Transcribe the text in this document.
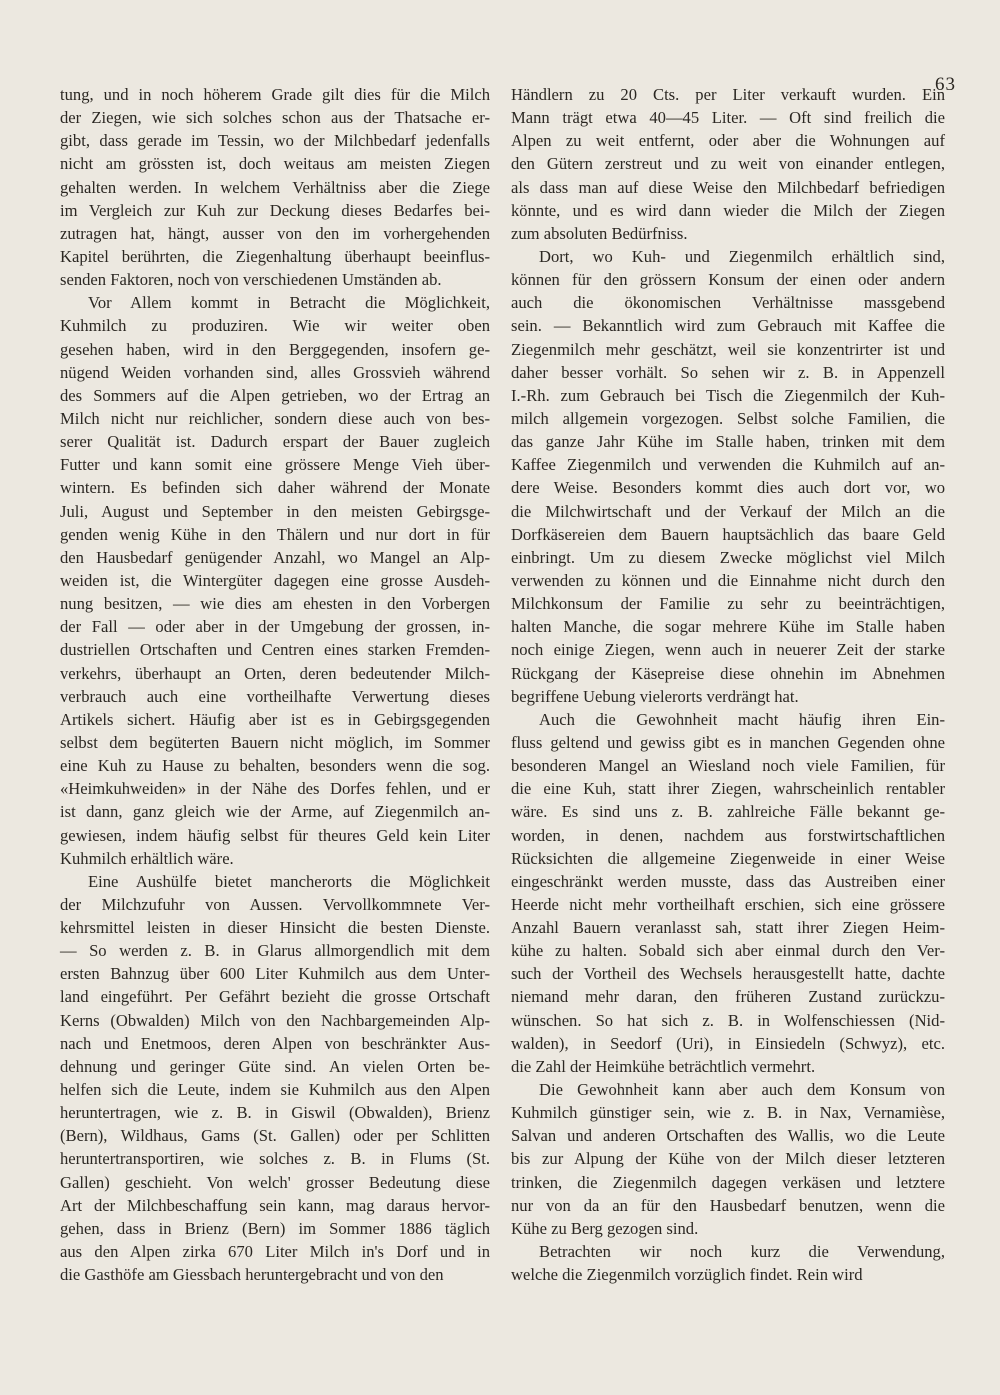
63
tung, und in noch höherem Grade gilt dies für die Milch
der Ziegen, wie sich solches schon aus der Thatsache er-
gibt, dass gerade im Tessin, wo der Milchbedarf jedenfalls
nicht am grössten ist, doch weitaus am meisten Ziegen
gehalten werden. In welchem Verhältniss aber die Ziege
im Vergleich zur Kuh zur Deckung dieses Bedarfes bei-
zutragen hat, hängt, ausser von den im vorhergehenden
Kapitel berührten, die Ziegenhaltung überhaupt beeinflus-
senden Faktoren, noch von verschiedenen Umständen ab.
Vor Allem kommt in Betracht die Möglichkeit,
Kuhmilch zu produziren. Wie wir weiter oben
gesehen haben, wird in den Berggegenden, insofern ge-
nügend Weiden vorhanden sind, alles Grossvieh während
des Sommers auf die Alpen getrieben, wo der Ertrag an
Milch nicht nur reichlicher, sondern diese auch von bes-
serer Qualität ist. Dadurch erspart der Bauer zugleich
Futter und kann somit eine grössere Menge Vieh über-
wintern. Es befinden sich daher während der Monate
Juli, August und September in den meisten Gebirgsge-
genden wenig Kühe in den Thälern und nur dort in für
den Hausbedarf genügender Anzahl, wo Mangel an Alp-
weiden ist, die Wintergüter dagegen eine grosse Ausdeh-
nung besitzen, — wie dies am ehesten in den Vorbergen
der Fall — oder aber in der Umgebung der grossen, in-
dustriellen Ortschaften und Centren eines starken Fremden-
verkehrs, überhaupt an Orten, deren bedeutender Milch-
verbrauch auch eine vortheilhafte Verwertung dieses
Artikels sichert. Häufig aber ist es in Gebirgsgegenden
selbst dem begüterten Bauern nicht möglich, im Sommer
eine Kuh zu Hause zu behalten, besonders wenn die sog.
«Heimkuhweiden» in der Nähe des Dorfes fehlen, und er
ist dann, ganz gleich wie der Arme, auf Ziegenmilch an-
gewiesen, indem häufig selbst für theures Geld kein Liter
Kuhmilch erhältlich wäre.
Eine Aushülfe bietet mancherorts die Möglichkeit
der Milchzufuhr von Aussen. Vervollkommnete Ver-
kehrsmittel leisten in dieser Hinsicht die besten Dienste.
— So werden z. B. in Glarus allmorgendlich mit dem
ersten Bahnzug über 600 Liter Kuhmilch aus dem Unter-
land eingeführt. Per Gefährt bezieht die grosse Ortschaft
Kerns (Obwalden) Milch von den Nachbargemeinden Alp-
nach und Enetmoos, deren Alpen von beschränkter Aus-
dehnung und geringer Güte sind. An vielen Orten be-
helfen sich die Leute, indem sie Kuhmilch aus den Alpen
heruntertragen, wie z. B. in Giswil (Obwalden), Brienz
(Bern), Wildhaus, Gams (St. Gallen) oder per Schlitten
heruntertransportiren, wie solches z. B. in Flums (St.
Gallen) geschieht. Von welch' grosser Bedeutung diese
Art der Milchbeschaffung sein kann, mag daraus hervor-
gehen, dass in Brienz (Bern) im Sommer 1886 täglich
aus den Alpen zirka 670 Liter Milch in's Dorf und in
die Gasthöfe am Giessbach heruntergebracht und von den
Händlern zu 20 Cts. per Liter verkauft wurden. Ein
Mann trägt etwa 40—45 Liter. — Oft sind freilich die
Alpen zu weit entfernt, oder aber die Wohnungen auf
den Gütern zerstreut und zu weit von einander entlegen,
als dass man auf diese Weise den Milchbedarf befriedigen
könnte, und es wird dann wieder die Milch der Ziegen
zum absoluten Bedürfniss.
Dort, wo Kuh- und Ziegenmilch erhältlich sind,
können für den grössern Konsum der einen oder andern
auch die ökonomischen Verhältnisse massgebend
sein. — Bekanntlich wird zum Gebrauch mit Kaffee die
Ziegenmilch mehr geschätzt, weil sie konzentrirter ist und
daher besser vorhält. So sehen wir z. B. in Appenzell
I.-Rh. zum Gebrauch bei Tisch die Ziegenmilch der Kuh-
milch allgemein vorgezogen. Selbst solche Familien, die
das ganze Jahr Kühe im Stalle haben, trinken mit dem
Kaffee Ziegenmilch und verwenden die Kuhmilch auf an-
dere Weise. Besonders kommt dies auch dort vor, wo
die Milchwirtschaft und der Verkauf der Milch an die
Dorfkäsereien dem Bauern hauptsächlich das baare Geld
einbringt. Um zu diesem Zwecke möglichst viel Milch
verwenden zu können und die Einnahme nicht durch den
Milchkonsum der Familie zu sehr zu beeinträchtigen,
halten Manche, die sogar mehrere Kühe im Stalle haben
noch einige Ziegen, wenn auch in neuerer Zeit der starke
Rückgang der Käsepreise diese ohnehin im Abnehmen
begriffene Uebung vielerorts verdrängt hat.
Auch die Gewohnheit macht häufig ihren Ein-
fluss geltend und gewiss gibt es in manchen Gegenden ohne
besonderen Mangel an Wiesland noch viele Familien, für
die eine Kuh, statt ihrer Ziegen, wahrscheinlich rentabler
wäre. Es sind uns z. B. zahlreiche Fälle bekannt ge-
worden, in denen, nachdem aus forstwirtschaftlichen
Rücksichten die allgemeine Ziegenweide in einer Weise
eingeschränkt werden musste, dass das Austreiben einer
Heerde nicht mehr vortheilhaft erschien, sich eine grössere
Anzahl Bauern veranlasst sah, statt ihrer Ziegen Heim-
kühe zu halten. Sobald sich aber einmal durch den Ver-
such der Vortheil des Wechsels herausgestellt hatte, dachte
niemand mehr daran, den früheren Zustand zurückzu-
wünschen. So hat sich z. B. in Wolfenschiessen (Nid-
walden), in Seedorf (Uri), in Einsiedeln (Schwyz), etc.
die Zahl der Heimkühe beträchtlich vermehrt.
Die Gewohnheit kann aber auch dem Konsum von
Kuhmilch günstiger sein, wie z. B. in Nax, Vernamièse,
Salvan und anderen Ortschaften des Wallis, wo die Leute
bis zur Alpung der Kühe von der Milch dieser letzteren
trinken, die Ziegenmilch dagegen verkäsen und letztere
nur von da an für den Hausbedarf benutzen, wenn die
Kühe zu Berg gezogen sind.
Betrachten wir noch kurz die Verwendung,
welche die Ziegenmilch vorzüglich findet. Rein wird
